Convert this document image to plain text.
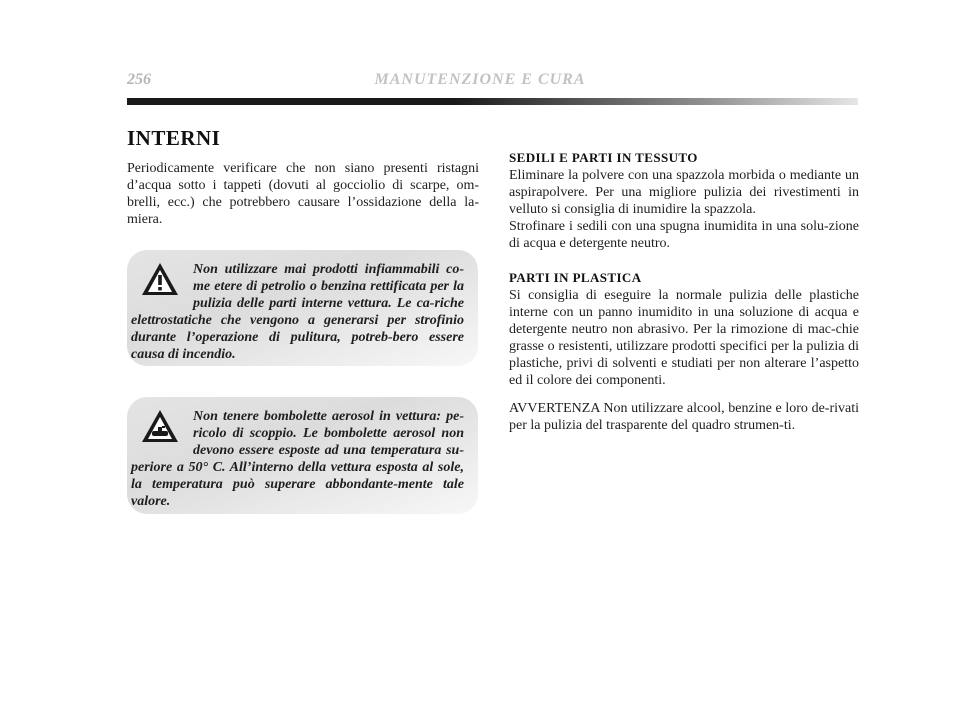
256	MANUTENZIONE E CURA
INTERNI

Periodicamente verificare che non siano presenti ristagni d’acqua sotto i tappeti (dovuti al gocciolio di scarpe, om-brelli, ecc.) che potrebbero causare l’ossidazione della la-miera.

Non utilizzare mai prodotti infiammabili co-me etere di petrolio o benzina rettificata per la pulizia delle parti interne vettura. Le ca-riche elettrostatiche che vengono a generarsi per strofinio durante l’operazione di pulitura, potreb-bero essere causa di incendio.

Non tenere bombolette aerosol in vettura: pe-ricolo di scoppio. Le bombolette aerosol non devono essere esposte ad una temperatura su-periore a 50° C. All’interno della vettura esposta al sole, la temperatura può superare abbondante-mente tale valore.

SEDILI E PARTI IN TESSUTO

Eliminare la polvere con una spazzola morbida o mediante un aspirapolvere. Per una migliore pulizia dei rivestimenti in velluto si consiglia di inumidire la spazzola.

Strofinare i sedili con una spugna inumidita in una solu-zione di acqua e detergente neutro.

PARTI IN PLASTICA

Si consiglia di eseguire la normale pulizia delle plastiche interne con un panno inumidito in una soluzione di acqua e detergente neutro non abrasivo. Per la rimozione di mac-chie grasse o resistenti, utilizzare prodotti specifici per la pulizia di plastiche, privi di solventi e studiati per non alterare l’aspetto ed il colore dei componenti.

AVVERTENZA Non utilizzare alcool, benzine e loro de-rivati per la pulizia del trasparente del quadro strumen-ti.
